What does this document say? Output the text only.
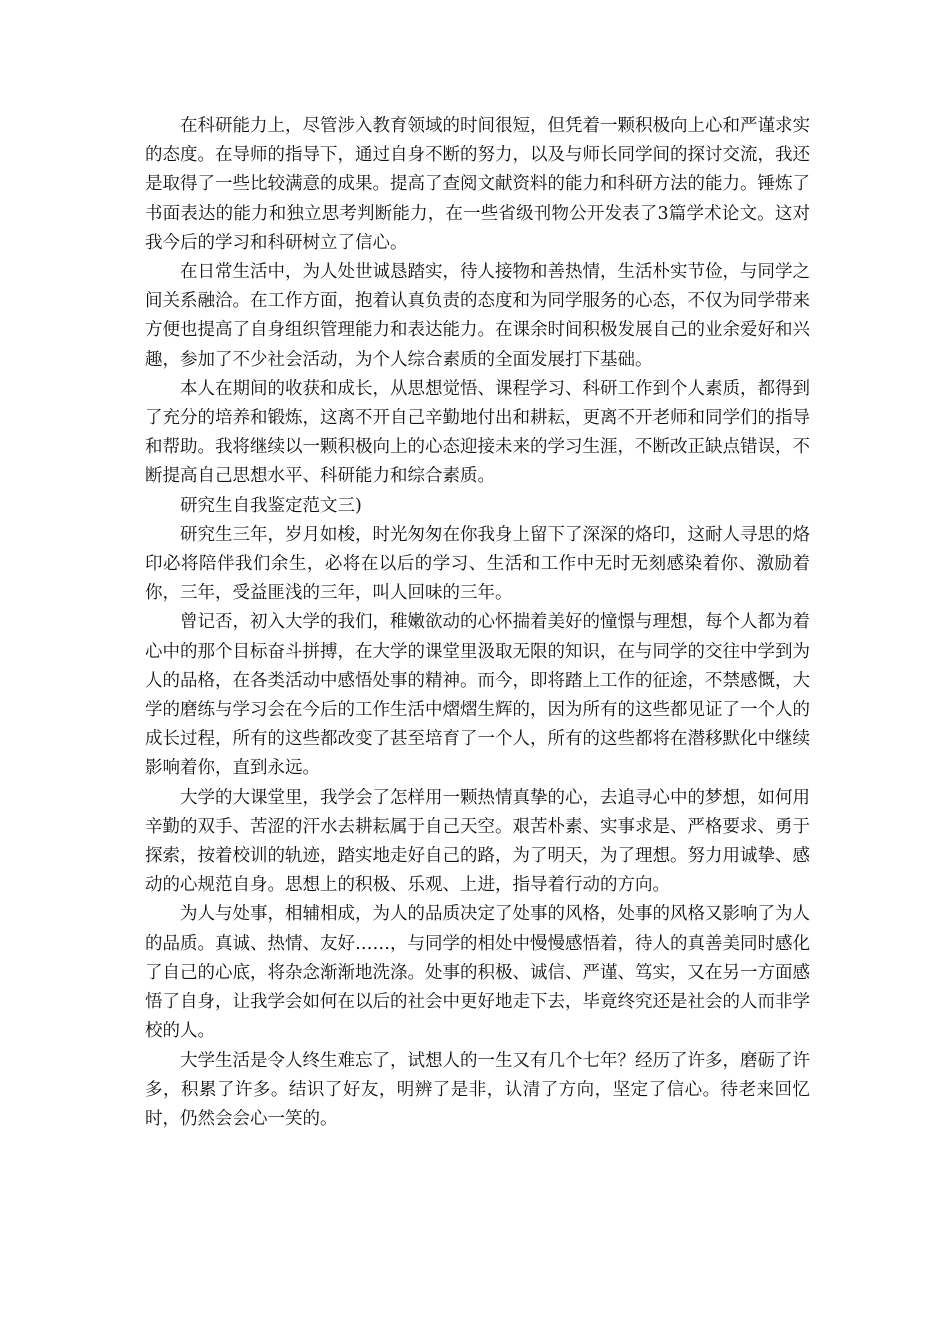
在科研能力上，尽管涉入教育领域的时间很短，但凭着一颗积极向上心和严谨求实的态度。在导师的指导下，通过自身不断的努力，以及与师长同学间的探讨交流，我还是取得了一些比较满意的成果。提高了查阅文献资料的能力和科研方法的能力。锤炼了书面表达的能力和独立思考判断能力，在一些省级刊物公开发表了3篇学术论文。这对我今后的学习和科研树立了信心。

在日常生活中，为人处世诚恳踏实，待人接物和善热情，生活朴实节俭，与同学之间关系融洽。在工作方面，抱着认真负责的态度和为同学服务的心态，不仅为同学带来方便也提高了自身组织管理能力和表达能力。在课余时间积极发展自己的业余爱好和兴趣，参加了不少社会活动，为个人综合素质的全面发展打下基础。

本人在期间的收获和成长，从思想觉悟、课程学习、科研工作到个人素质，都得到了充分的培养和锻炼，这离不开自己辛勤地付出和耕耘，更离不开老师和同学们的指导和帮助。我将继续以一颗积极向上的心态迎接未来的学习生涯，不断改正缺点错误，不断提高自己思想水平、科研能力和综合素质。

研究生自我鉴定范文三)

研究生三年，岁月如梭，时光匆匆在你我身上留下了深深的烙印，这耐人寻思的烙印必将陪伴我们余生，必将在以后的学习、生活和工作中无时无刻感染着你、激励着你，三年，受益匪浅的三年，叫人回味的三年。

曾记否，初入大学的我们，稚嫩欲动的心怀揣着美好的憧憬与理想，每个人都为着心中的那个目标奋斗拼搏，在大学的课堂里汲取无限的知识，在与同学的交往中学到为人的品格，在各类活动中感悟处事的精神。而今，即将踏上工作的征途，不禁感慨，大学的磨练与学习会在今后的工作生活中熠熠生辉的，因为所有的这些都见证了一个人的成长过程，所有的这些都改变了甚至培育了一个人，所有的这些都将在潜移默化中继续影响着你，直到永远。

大学的大课堂里，我学会了怎样用一颗热情真挚的心，去追寻心中的梦想，如何用辛勤的双手、苦涩的汗水去耕耘属于自己天空。艰苦朴素、实事求是、严格要求、勇于探索，按着校训的轨迹，踏实地走好自己的路，为了明天，为了理想。努力用诚挚、感动的心规范自身。思想上的积极、乐观、上进，指导着行动的方向。

为人与处事，相辅相成，为人的品质决定了处事的风格，处事的风格又影响了为人的品质。真诚、热情、友好……，与同学的相处中慢慢感悟着，待人的真善美同时感化了自己的心底，将杂念渐渐地洗涤。处事的积极、诚信、严谨、笃实，又在另一方面感悟了自身，让我学会如何在以后的社会中更好地走下去，毕竟终究还是社会的人而非学校的人。

大学生活是令人终生难忘了，试想人的一生又有几个七年？经历了许多，磨砺了许多，积累了许多。结识了好友，明辨了是非，认清了方向，坚定了信心。待老来回忆时，仍然会会心一笑的。
